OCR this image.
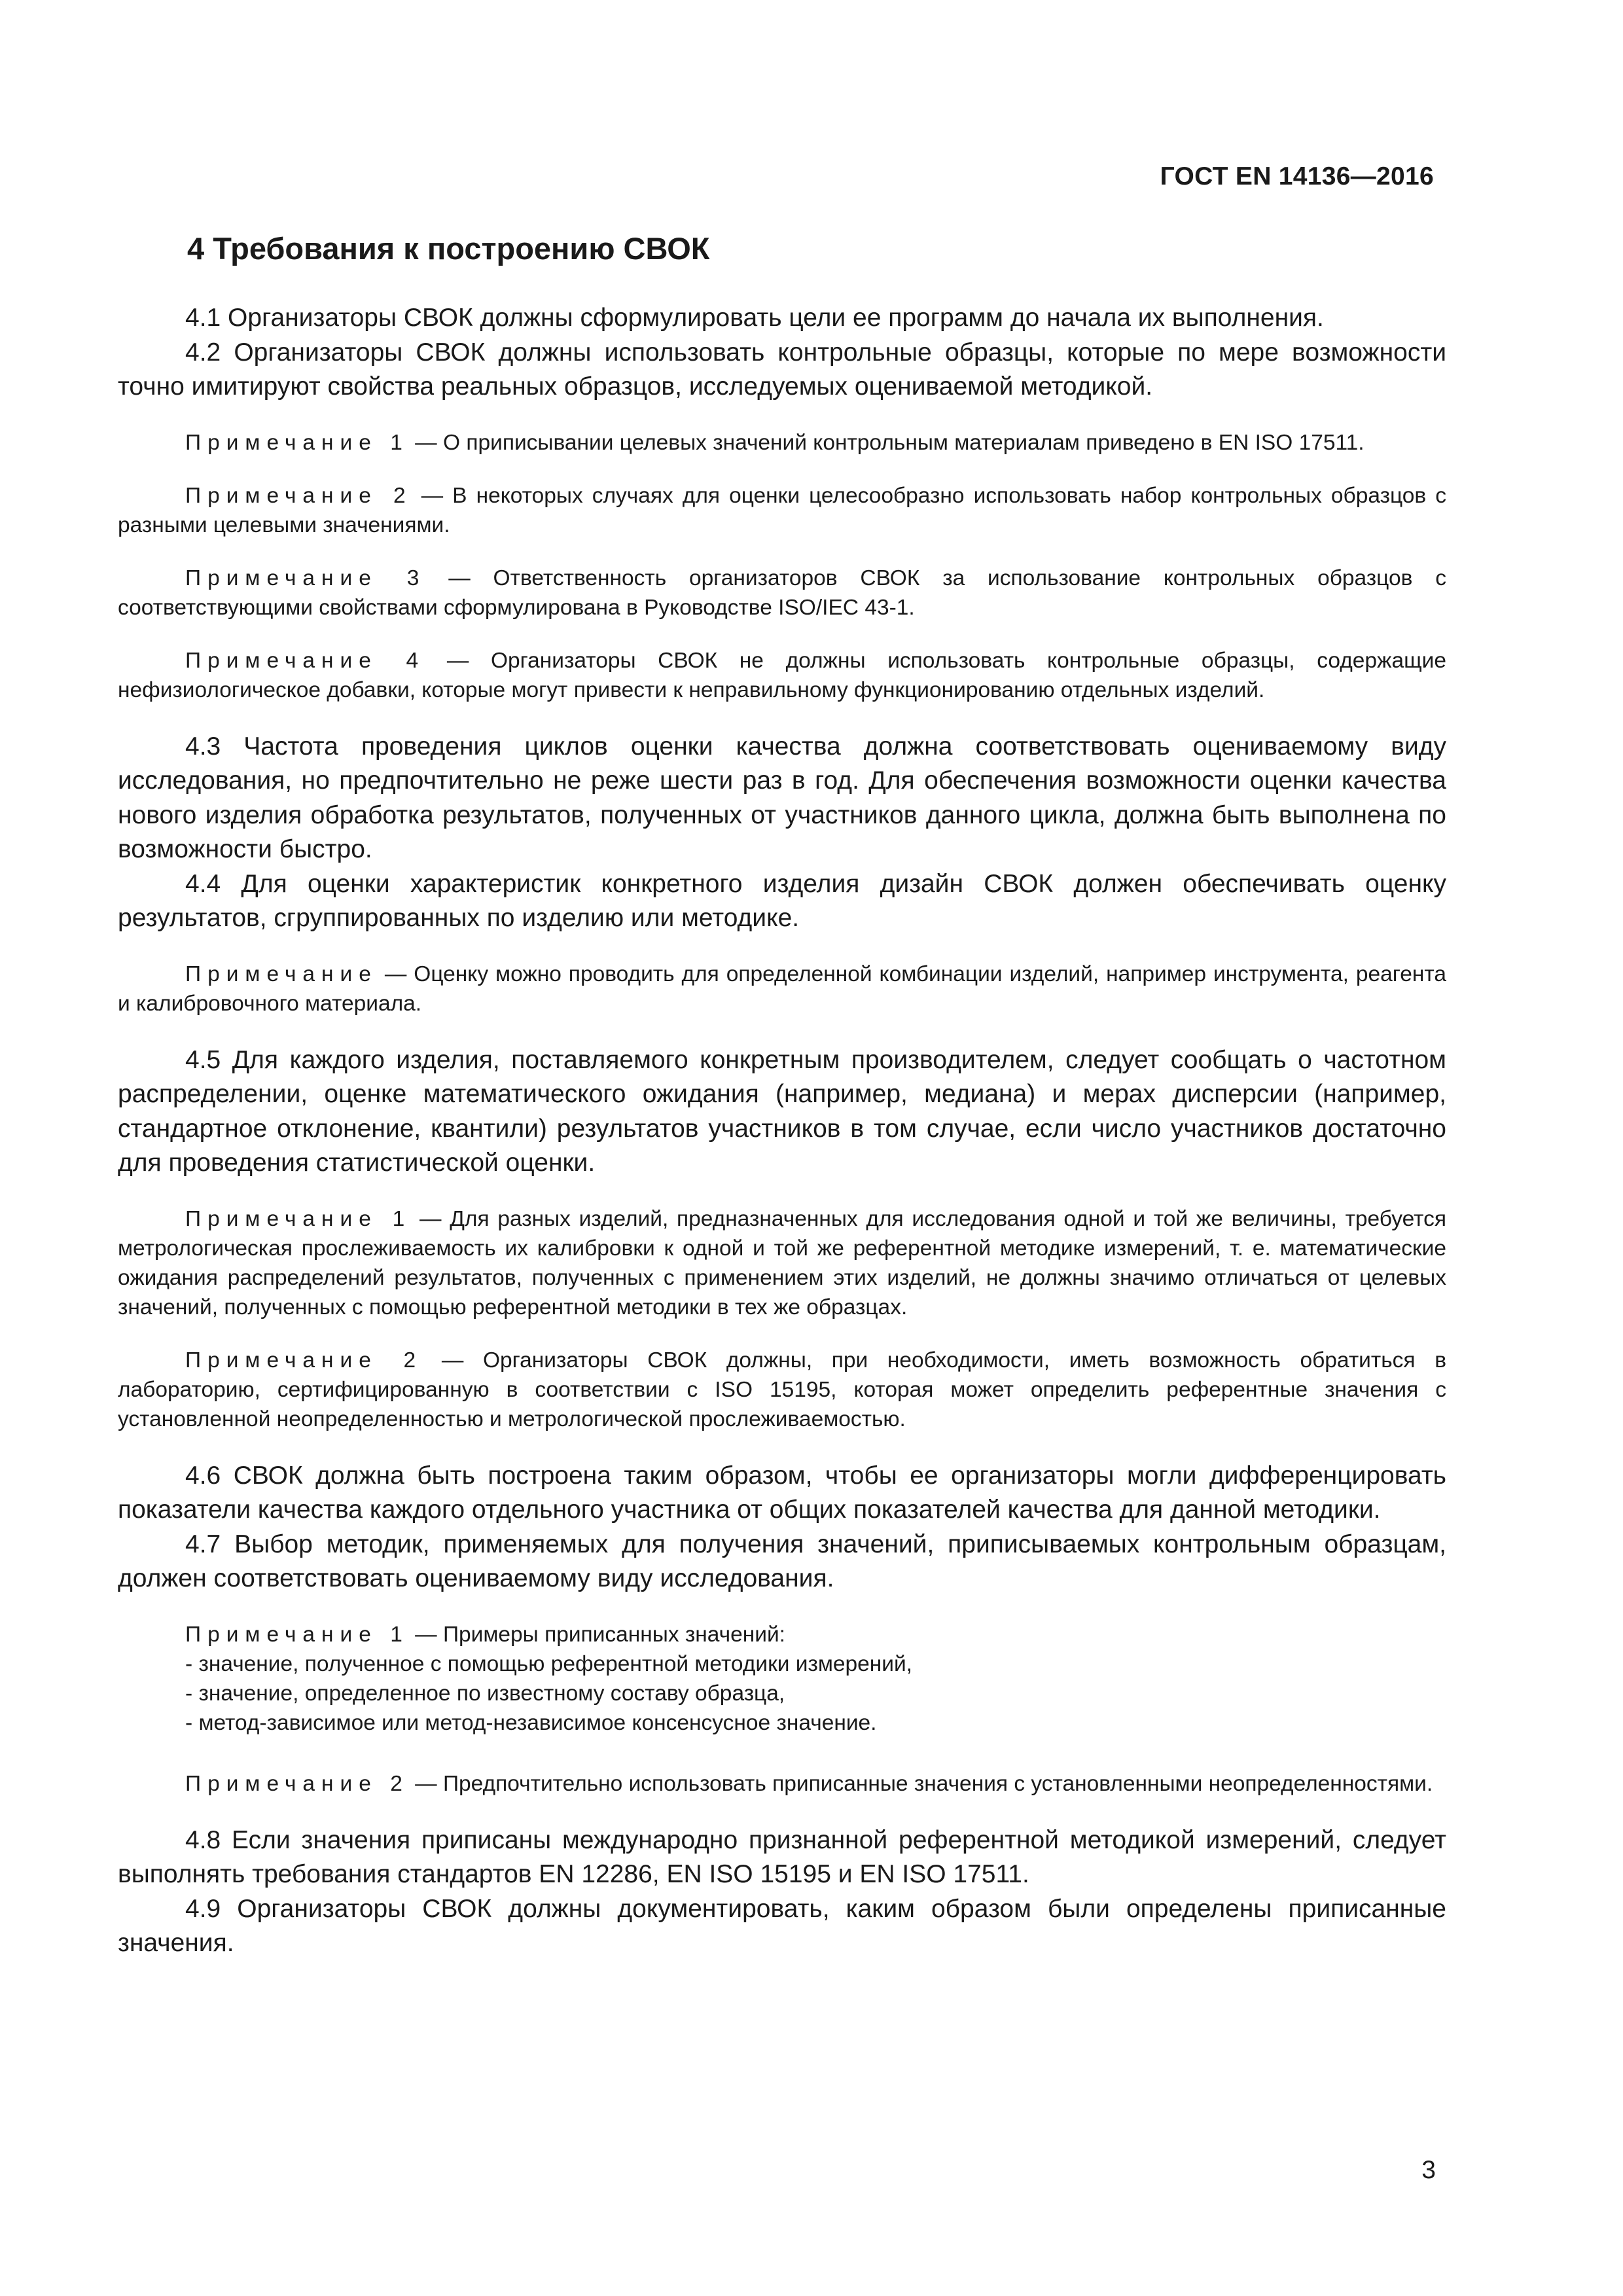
ГОСТ EN 14136—2016
4 Требования к построению СВОК

4.1 Организаторы СВОК должны сформулировать цели ее программ до начала их выполнения.

4.2 Организаторы СВОК должны использовать контрольные образцы, которые по мере возможности точно имитируют свойства реальных образцов, исследуемых оцениваемой методикой.

Примечание 1 — О приписывании целевых значений контрольным материалам приведено в EN ISO 17511.

Примечание 2 — В некоторых случаях для оценки целесообразно использовать набор контрольных образцов с разными целевыми значениями.

Примечание 3 — Ответственность организаторов СВОК за использование контрольных образцов с соответствующими свойствами сформулирована в Руководстве ISO/IEC 43-1.

Примечание 4 — Организаторы СВОК не должны использовать контрольные образцы, содержащие нефизиологическое добавки, которые могут привести к неправильному функционированию отдельных изделий.

4.3 Частота проведения циклов оценки качества должна соответствовать оцениваемому виду исследования, но предпочтительно не реже шести раз в год. Для обеспечения возможности оценки качества нового изделия обработка результатов, полученных от участников данного цикла, должна быть выполнена по возможности быстро.

4.4 Для оценки характеристик конкретного изделия дизайн СВОК должен обеспечивать оценку результатов, сгруппированных по изделию или методике.

Примечание — Оценку можно проводить для определенной комбинации изделий, например инструмента, реагента и калибровочного материала.

4.5 Для каждого изделия, поставляемого конкретным производителем, следует сообщать о частотном распределении, оценке математического ожидания (например, медиана) и мерах дисперсии (например, стандартное отклонение, квантили) результатов участников в том случае, если число участников достаточно для проведения статистической оценки.

Примечание 1 — Для разных изделий, предназначенных для исследования одной и той же величины, требуется метрологическая прослеживаемость их калибровки к одной и той же референтной методике измерений, т. е. математические ожидания распределений результатов, полученных с применением этих изделий, не должны значимо отличаться от целевых значений, полученных с помощью референтной методики в тех же образцах.

Примечание 2 — Организаторы СВОК должны, при необходимости, иметь возможность обратиться в лабораторию, сертифицированную в соответствии с ISO 15195, которая может определить референтные значения с установленной неопределенностью и метрологической прослеживаемостью.

4.6 СВОК должна быть построена таким образом, чтобы ее организаторы могли дифференцировать показатели качества каждого отдельного участника от общих показателей качества для данной методики.

4.7 Выбор методик, применяемых для получения значений, приписываемых контрольным образцам, должен соответствовать оцениваемому виду исследования.

Примечание 1 — Примеры приписанных значений:

- значение, полученное с помощью референтной методики измерений,
- значение, определенное по известному составу образца,
- метод-зависимое или метод-независимое консенсусное значение.

Примечание 2 — Предпочтительно использовать приписанные значения с установленными неопределенностями.

4.8 Если значения приписаны международно признанной референтной методикой измерений, следует выполнять требования стандартов EN 12286, EN ISO 15195 и EN ISO 17511.

4.9 Организаторы СВОК должны документировать, каким образом были определены приписанные значения.

3
